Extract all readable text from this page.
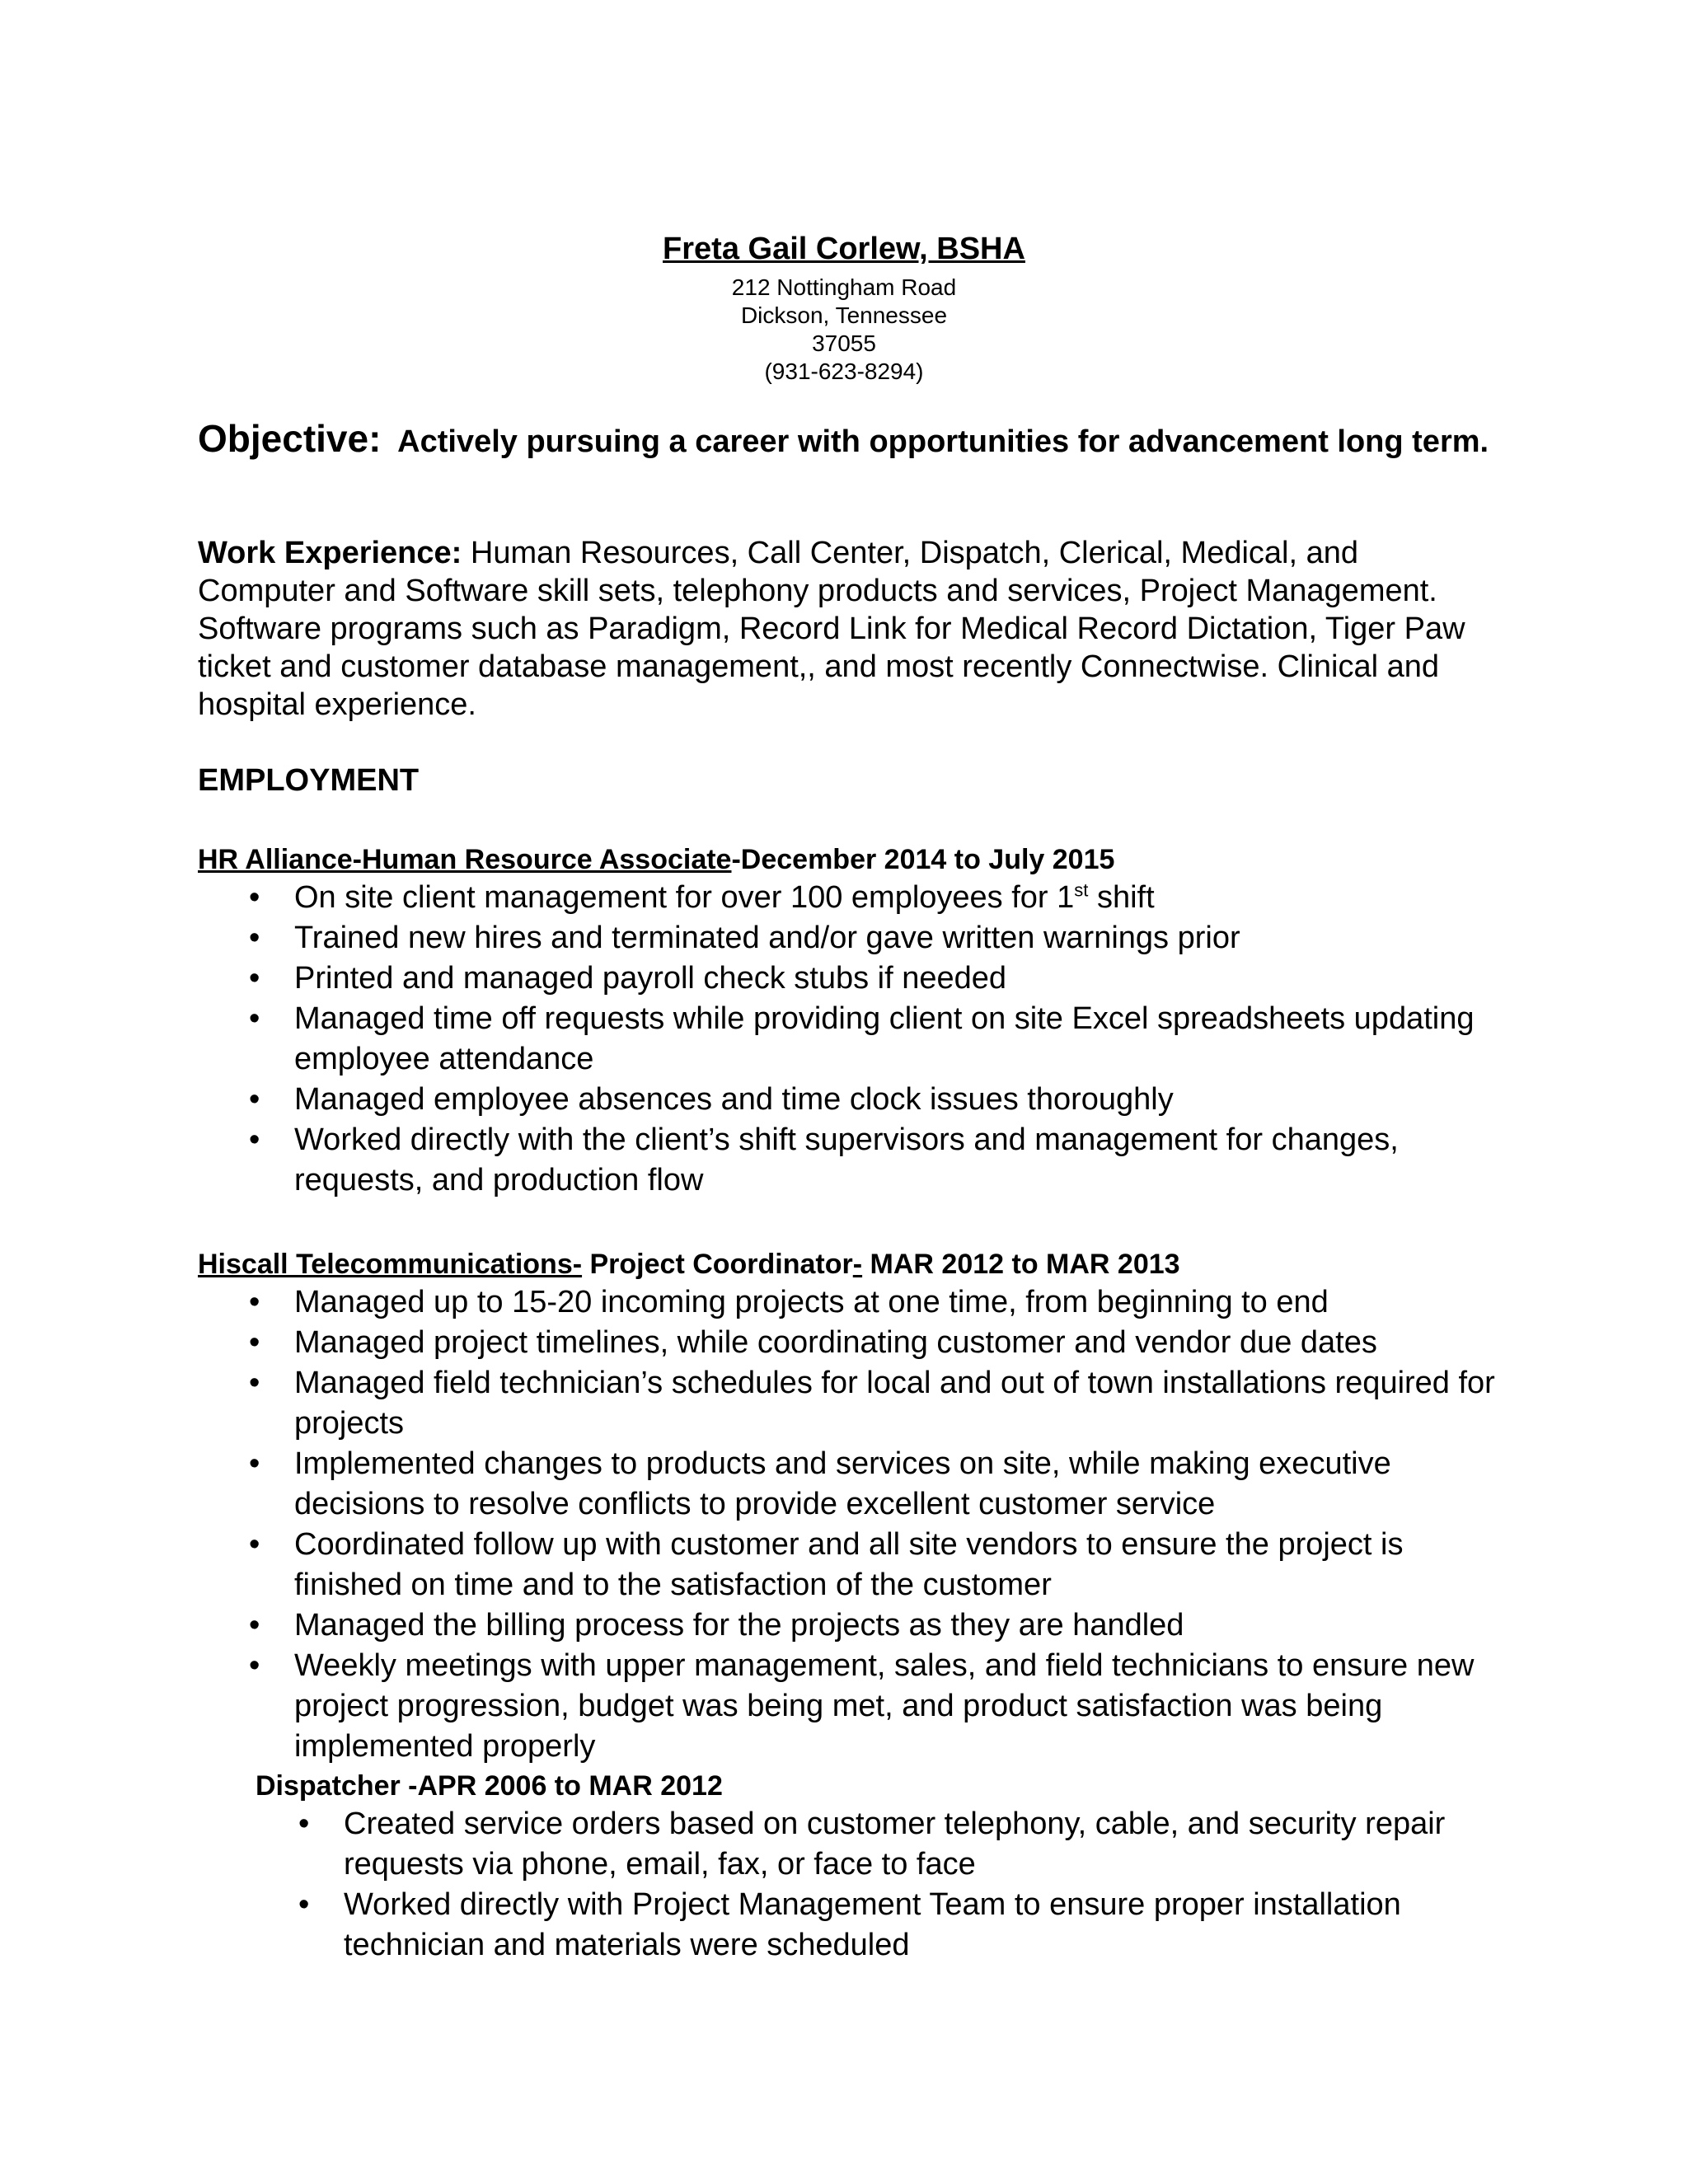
Freta Gail Corlew, BSHA
212 Nottingham Road
Dickson, Tennessee
37055
(931-623-8294)
Objective: Actively pursuing a career with opportunities for advancement long term.
Work Experience: Human Resources, Call Center, Dispatch, Clerical, Medical, and Computer and Software skill sets, telephony products and services, Project Management. Software programs such as Paradigm, Record Link for Medical Record Dictation, Tiger Paw ticket and customer database management,, and most recently Connectwise. Clinical and hospital experience.
EMPLOYMENT
HR Alliance-Human Resource Associate-December 2014 to July 2015
• On site client management for over 100 employees for 1st shift
• Trained new hires and terminated and/or gave written warnings prior
• Printed and managed payroll check stubs if needed
• Managed time off requests while providing client on site Excel spreadsheets updating employee attendance
• Managed employee absences and time clock issues thoroughly
• Worked directly with the client’s shift supervisors and management for changes, requests, and production flow
Hiscall Telecommunications- Project Coordinator- MAR 2012 to MAR 2013
• Managed up to 15-20 incoming projects at one time, from beginning to end
• Managed project timelines, while coordinating customer and vendor due dates
• Managed field technician’s schedules for local and out of town installations required for projects
• Implemented changes to products and services on site, while making executive decisions to resolve conflicts to provide excellent customer service
• Coordinated follow up with customer and all site vendors to ensure the project is finished on time and to the satisfaction of the customer
• Managed the billing process for the projects as they are handled
• Weekly meetings with upper management, sales, and field technicians to ensure new project progression, budget was being met, and product satisfaction was being implemented properly
Dispatcher -APR 2006 to MAR 2012
• Created service orders based on customer telephony, cable, and security repair requests via phone, email, fax, or face to face
• Worked directly with Project Management Team to ensure proper installation technician and materials were scheduled
